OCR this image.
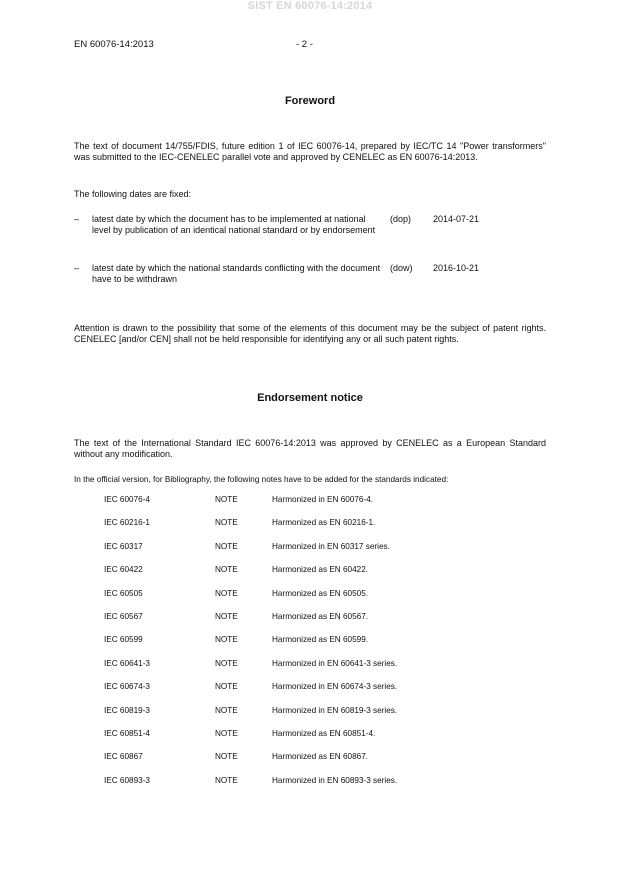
SIST EN 60076-14:2014
EN 60076-14:2013	- 2 -
Foreword
The text of document 14/755/FDIS, future edition 1 of IEC 60076-14, prepared by IEC/TC 14 "Power transformers" was submitted to the IEC-CENELEC parallel vote and approved by CENELEC as EN 60076-14:2013.
The following dates are fixed:
– latest date by which the document has to be implemented at national level by publication of an identical national standard or by endorsement
(dop) 2014-07-21
– latest date by which the national standards conflicting with the document have to be withdrawn
(dow) 2016-10-21
Attention is drawn to the possibility that some of the elements of this document may be the subject of patent rights. CENELEC [and/or CEN] shall not be held responsible for identifying any or all such patent rights.
Endorsement notice
The text of the International Standard IEC 60076-14:2013 was approved by CENELEC as a European Standard without any modification.
In the official version, for Bibliography, the following notes have to be added for the standards indicated:
IEC 60076-4	NOTE	Harmonized in EN 60076-4.
IEC 60216-1	NOTE	Harmonized as EN 60216-1.
IEC 60317	NOTE	Harmonized in EN 60317 series.
IEC 60422	NOTE	Harmonized as EN 60422.
IEC 60505	NOTE	Harmonized as EN 60505.
IEC 60567	NOTE	Harmonized as EN 60567.
IEC 60599	NOTE	Harmonized as EN 60599.
IEC 60641-3	NOTE	Harmonized in EN 60641-3 series.
IEC 60674-3	NOTE	Harmonized in EN 60674-3 series.
IEC 60819-3	NOTE	Harmonized in EN 60819-3 series.
IEC 60851-4	NOTE	Harmonized as EN 60851-4.
IEC 60867	NOTE	Harmonized as EN 60867.
IEC 60893-3	NOTE	Harmonized in EN 60893-3 series.
